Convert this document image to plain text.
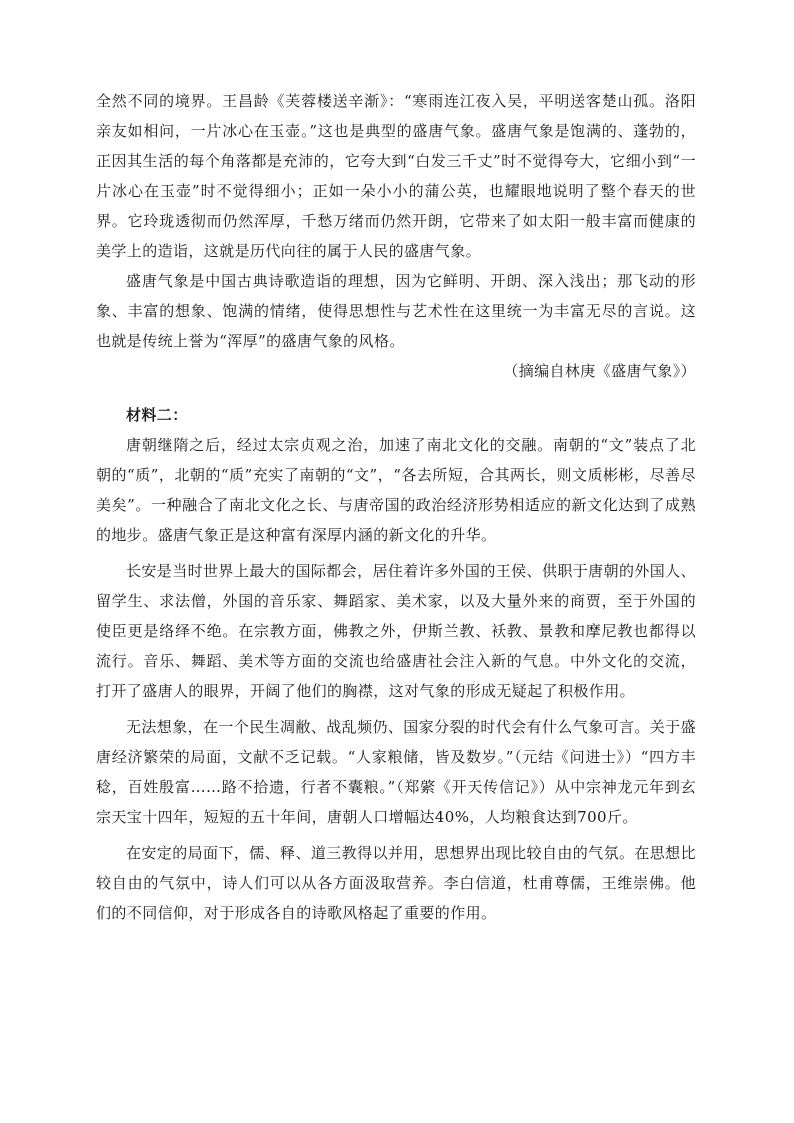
全然不同的境界。王昌龄《芙蓉楼送辛渐》：“寒雨连江夜入吴，平明送客楚山孤。洛阳亲友如相问，一片冰心在玉壶。”这也是典型的盛唐气象。盛唐气象是饱满的、蓬勃的，正因其生活的每个角落都是充沛的，它夸大到“白发三千丈”时不觉得夸大，它细小到“一片冰心在玉壶”时不觉得细小；正如一朵小小的蒲公英，也耀眼地说明了整个春天的世界。它玲珑透彻而仍然浑厚，千愁万绪而仍然开朗，它带来了如太阳一般丰富而健康的美学上的造诣，这就是历代向往的属于人民的盛唐气象。

盛唐气象是中国古典诗歌造诣的理想，因为它鲜明、开朗、深入浅出；那飞动的形象、丰富的想象、饱满的情绪，使得思想性与艺术性在这里统一为丰富无尽的言说。这也就是传统上誉为“浑厚”的盛唐气象的风格。

（摘编自林庚《盛唐气象》）

材料二：

唐朝继隋之后，经过太宗贞观之治，加速了南北文化的交融。南朝的“文”装点了北朝的“质”，北朝的“质”充实了南朝的“文”，“各去所短，合其两长，则文质彬彬，尽善尽美矣”。一种融合了南北文化之长、与唐帝国的政治经济形势相适应的新文化达到了成熟的地步。盛唐气象正是这种富有深厚内涵的新文化的升华。

长安是当时世界上最大的国际都会，居住着许多外国的王侯、供职于唐朝的外国人、留学生、求法僧，外国的音乐家、舞蹈家、美术家，以及大量外来的商贾，至于外国的使臣更是络绎不绝。在宗教方面，佛教之外，伊斯兰教、袄教、景教和摩尼教也都得以流行。音乐、舞蹈、美术等方面的交流也给盛唐社会注入新的气息。中外文化的交流，打开了盛唐人的眼界，开阔了他们的胸襟，这对气象的形成无疑起了积极作用。

无法想象，在一个民生凋敝、战乱频仍、国家分裂的时代会有什么气象可言。关于盛唐经济繁荣的局面，文献不乏记载。“人家粮储，皆及数岁。”（元结《问进士》）“四方丰稔，百姓殷富……路不拾遗，行者不囊粮。”（郑綮《开天传信记》）从中宗神龙元年到玄宗天宝十四年，短短的五十年间，唐朝人口增幅达40%，人均粮食达到700斤。

在安定的局面下，儒、释、道三教得以并用，思想界出现比较自由的气氛。在思想比较自由的气氛中，诗人们可以从各方面汲取营养。李白信道，杜甫尊儒，王维崇佛。他们的不同信仰，对于形成各自的诗歌风格起了重要的作用。
